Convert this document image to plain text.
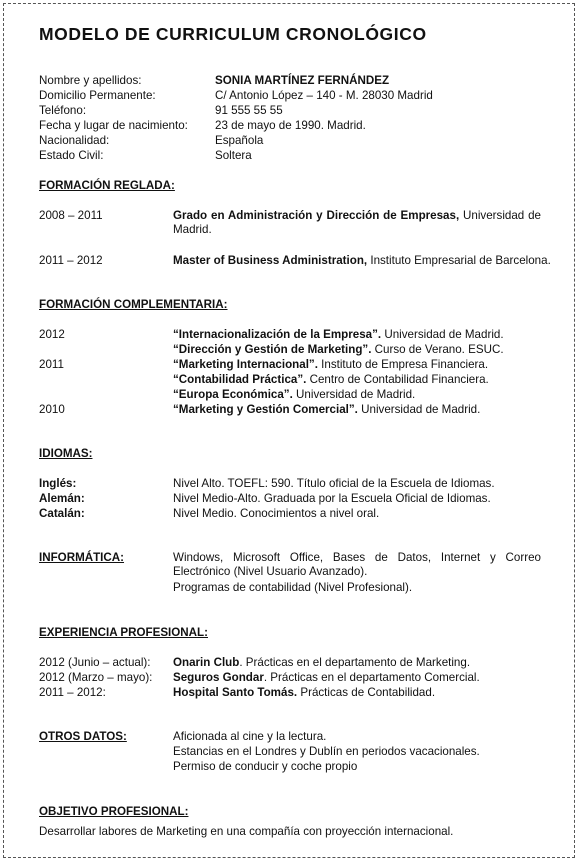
MODELO DE CURRICULUM CRONOLÓGICO
Nombre y apellidos:	SONIA MARTÍNEZ FERNÁNDEZ
Domicilio Permanente:	C/ Antonio López – 140 - M. 28030 Madrid
Teléfono:	91 555 55 55
Fecha y lugar de nacimiento: 23 de mayo de 1990. Madrid.
Nacionalidad:	Española
Estado Civil:	Soltera
FORMACIÓN REGLADA:
2008 – 2011	Grado en Administración y Dirección de Empresas, Universidad de Madrid.
2011 – 2012	Master of Business Administration, Instituto Empresarial de Barcelona.
FORMACIÓN COMPLEMENTARIA:
2012	“Internacionalización de la Empresa”. Universidad de Madrid.
“Dirección y Gestión de Marketing”. Curso de Verano. ESUC.
2011	“Marketing Internacional”. Instituto de Empresa Financiera.
“Contabilidad Práctica”. Centro de Contabilidad Financiera.
“Europa Económica”. Universidad de Madrid.
2010	“Marketing y Gestión Comercial”. Universidad de Madrid.
IDIOMAS:
Inglés:	Nivel Alto. TOEFL: 590. Título oficial de la Escuela de Idiomas.
Alemán:	Nivel Medio-Alto. Graduada por la Escuela Oficial de Idiomas.
Catalán:	Nivel Medio. Conocimientos a nivel oral.
INFORMÁTICA:	Windows, Microsoft Office, Bases de Datos, Internet y Correo Electrónico (Nivel Usuario Avanzado).
Programas de contabilidad (Nivel Profesional).
EXPERIENCIA PROFESIONAL:
2012 (Junio – actual): Onarin Club. Prácticas en el departamento de Marketing.
2012 (Marzo – mayo): Seguros Gondar. Prácticas en el departamento Comercial.
2011 – 2012:	Hospital Santo Tomás. Prácticas de Contabilidad.
OTROS DATOS:	Aficionada al cine y la lectura.
Estancias en el Londres y Dublín en periodos vacacionales.
Permiso de conducir y coche propio
OBJETIVO PROFESIONAL:
Desarrollar labores de Marketing en una compañía con proyección internacional.
